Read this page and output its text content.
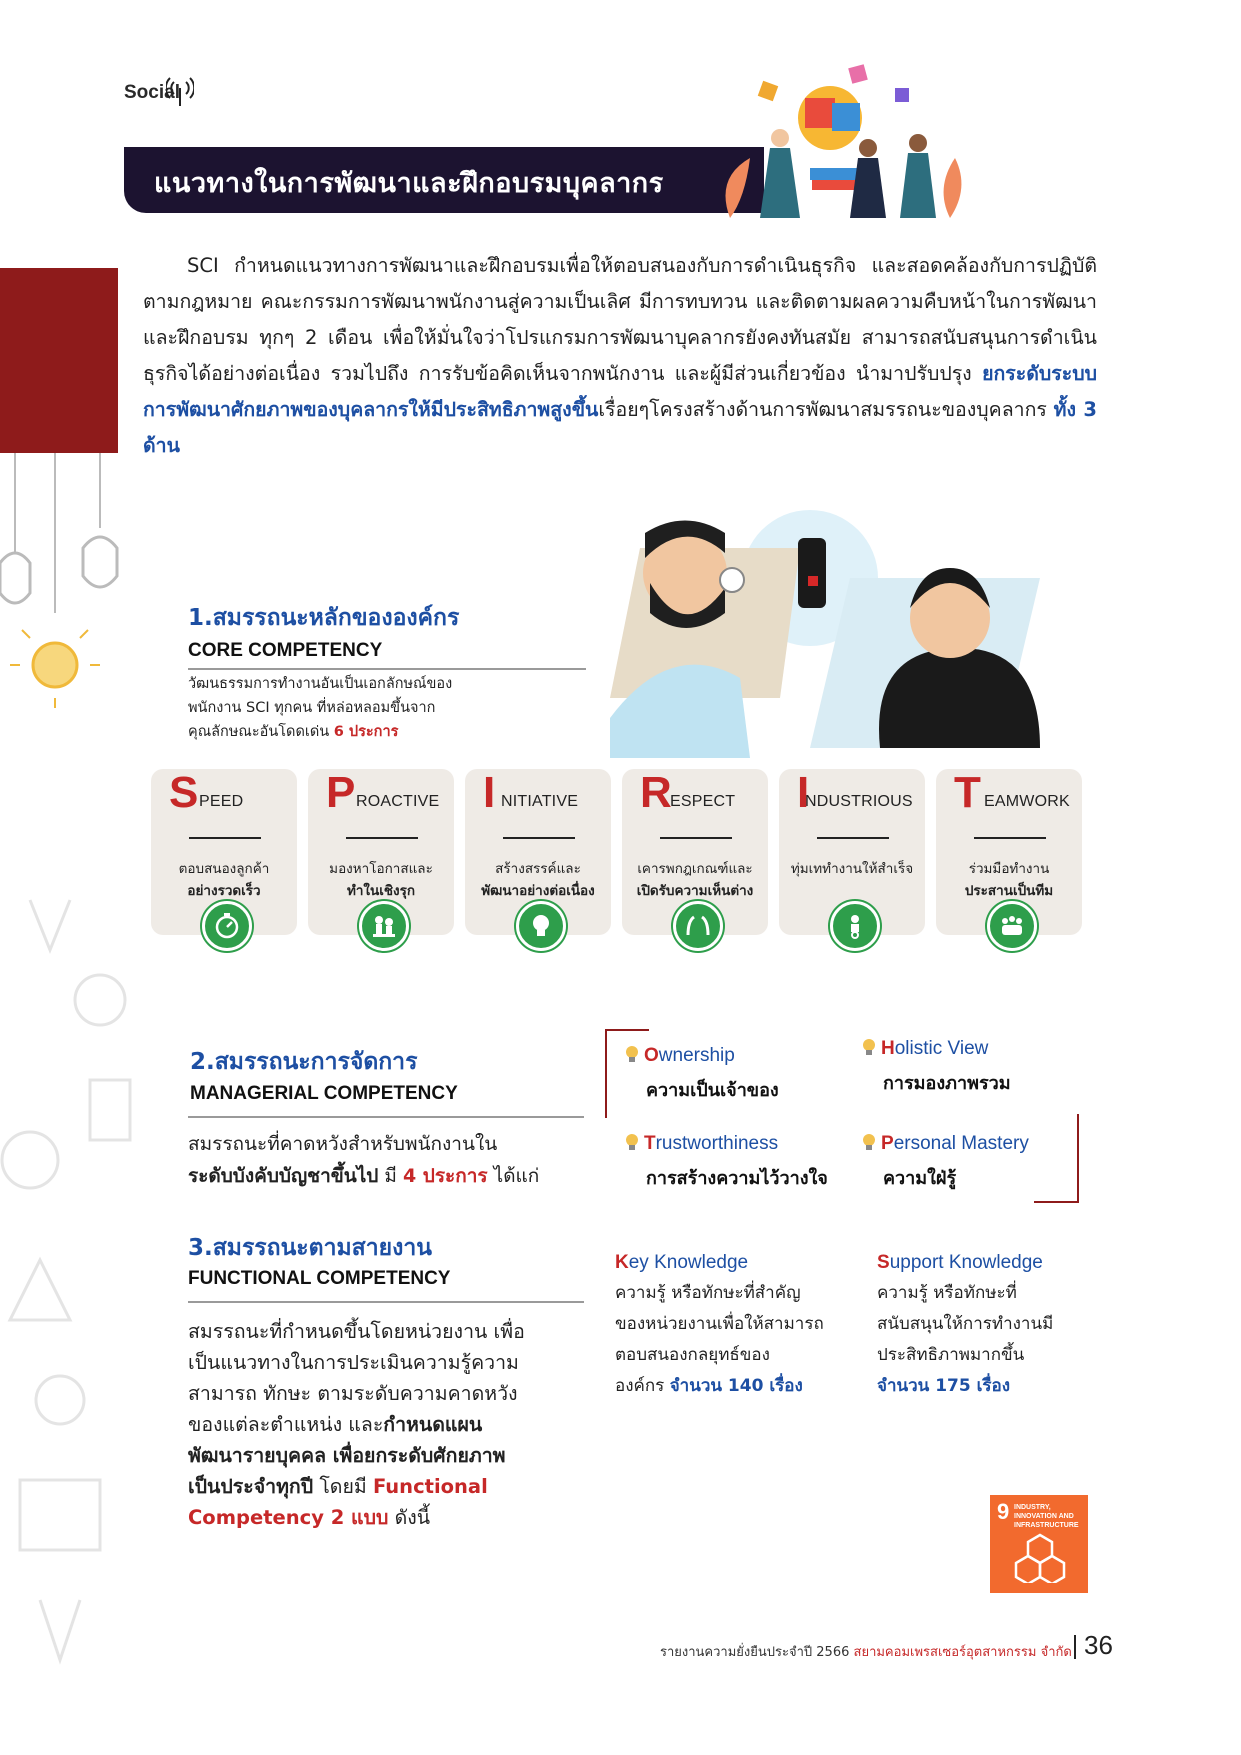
Social
แนวทางในการพัฒนาและฝึกอบรมบุคลากร
SCI กำหนดแนวทางการพัฒนาและฝึกอบรมเพื่อให้ตอบสนองกับการดำเนินธุรกิจ และสอดคล้องกับการปฏิบัติตามกฎหมาย คณะกรรมการพัฒนาพนักงานสู่ความเป็นเลิศ มีการทบทวน และติดตามผลความคืบหน้าในการพัฒนาและฝึกอบรม ทุกๆ 2 เดือน เพื่อให้มั่นใจว่าโปรแกรมการพัฒนาบุคลากรยังคงทันสมัย สามารถสนับสนุนการดำเนินธุรกิจได้อย่างต่อเนื่อง รวมไปถึง การรับข้อคิดเห็นจากพนักงาน และผู้มีส่วนเกี่ยวข้อง นำมาปรับปรุง ยกระดับระบบการพัฒนาศักยภาพของบุคลากรให้มีประสิทธิภาพสูงขึ้นเรื่อยๆโครงสร้างด้านการพัฒนาสมรรถนะของบุคลากร ทั้ง 3 ด้าน
1.สมรรถนะหลักขององค์กร
CORE COMPETENCY
วัฒนธรรมการทำงานอันเป็นเอกลักษณ์ของ
พนักงาน SCI ทุกคน ที่หล่อหลอมขึ้นจาก
คุณลักษณะอันโดดเด่น 6 ประการ
S PEED
ตอบสนองลูกค้า
อย่างรวดเร็ว
P ROACTIVE
มองหาโอกาสและ
ทำในเชิงรุก
I NITIATIVE
สร้างสรรค์และ
พัฒนาอย่างต่อเนื่อง
R
ESPECT
เคารพกฎเกณฑ์และ
เปิดรับความเห็นต่าง
I
NDUSTRIOUS
ทุ่มเททำงานให้สำเร็จ
T EAMWORK
ร่วมมือทำงาน
ประสานเป็นทีม
2.สมรรถนะการจัดการ
MANAGERIAL COMPETENCY
สมรรถนะที่คาดหวังสำหรับพนักงานใน
ระดับบังคับบัญชาขึ้นไป มี 4 ประการ ได้แก่
Ownership
ความเป็นเจ้าของ
Holistic View
การมองภาพรวม
Trustworthiness
การสร้างความไว้วางใจ
Personal Mastery
ความใฝ่รู้
3.สมรรถนะตามสายงาน
FUNCTIONAL COMPETENCY
สมรรถนะที่กำหนดขึ้นโดยหน่วยงาน เพื่อ
เป็นแนวทางในการประเมินความรู้ความ
สามารถ ทักษะ ตามระดับความคาดหวัง
ของแต่ละตำแหน่ง และกำหนดแผน
พัฒนารายบุคคล เพื่อยกระดับศักยภาพ
เป็นประจำทุกปี โดยมี Functional
Competency 2 แบบ ดังนี้
Key Knowledge
ความรู้ หรือทักษะที่สำคัญ
ของหน่วยงานเพื่อให้สามารถ
ตอบสนองกลยุทธ์ของ
องค์กร จำนวน 140 เรื่อง
Support Knowledge
ความรู้ หรือทักษะที่
สนับสนุนให้การทำงานมี
ประสิทธิภาพมากขึ้น
จำนวน 175 เรื่อง
9 INDUSTRY, INNOVATION AND INFRASTRUCTURE
รายงานความยั่งยืนประจำปี 2566 สยามคอมเพรสเซอร์อุตสาหกรรม จำกัด 36
